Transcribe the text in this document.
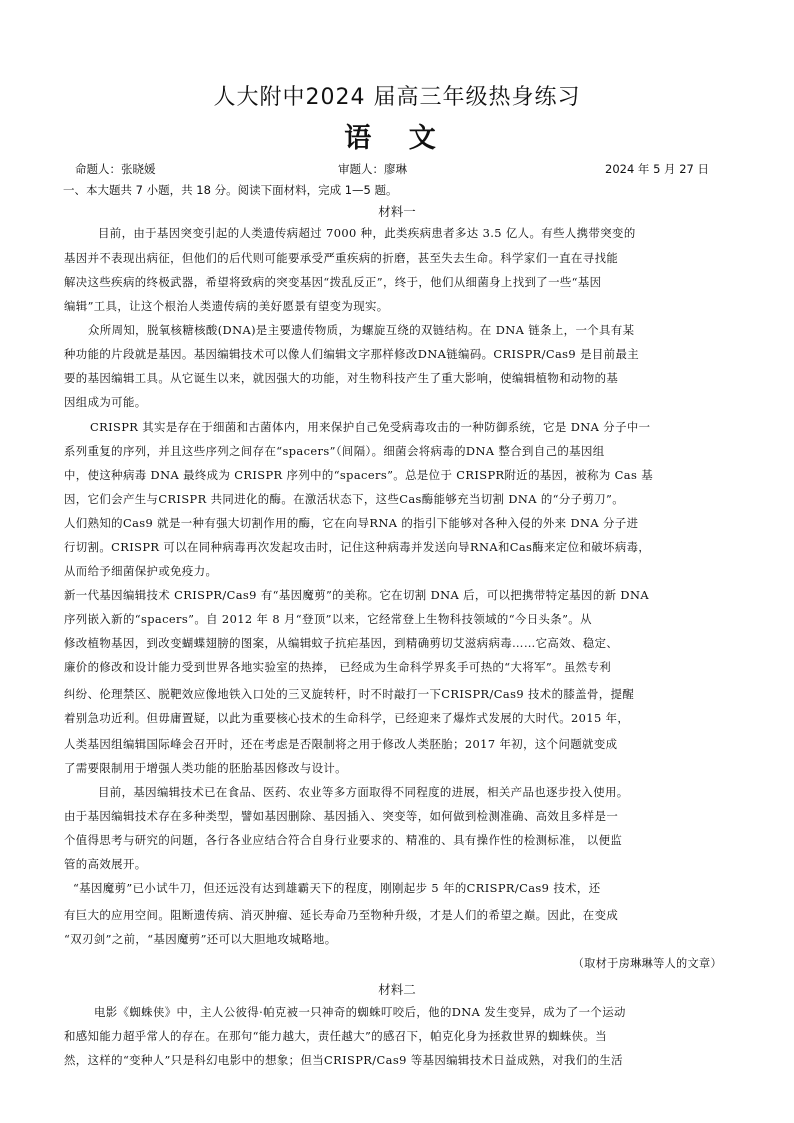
人大附中2024 届高三年级热身练习
语 文
命题人：张晓媛	审题人：廖琳	2024 年 5 月 27 日
一、本大题共 7 小题，共 18 分。阅读下面材料，完成 1—5 题。
材料一
目前，由于基因突变引起的人类遗传病超过 7000 种，此类疾病患者多达 3.5 亿人。有些人携带突变的
基因并不表现出病征，但他们的后代则可能要承受严重疾病的折磨，甚至失去生命。科学家们一直在寻找能
解决这些疾病的终极武器，希望将致病的突变基因“拨乱反正”，终于，他们从细菌身上找到了一些“基因
编辑”工具，让这个根治人类遗传病的美好愿景有望变为现实。
众所周知，脱氧核糖核酸(DNA)是主要遗传物质，为螺旋互绕的双链结构。在 DNA 链条上，一个具有某
种功能的片段就是基因。基因编辑技术可以像人们编辑文字那样修改DNA链编码。CRISPR/Cas9 是目前最主
要的基因编辑工具。从它诞生以来，就因强大的功能，对生物科技产生了重大影响，使编辑植物和动物的基
因组成为可能。
CRISPR 其实是存在于细菌和古菌体内，用来保护自己免受病毒攻击的一种防御系统，它是 DNA 分子中一
系列重复的序列，并且这些序列之间存在“spacers”（间隔）。细菌会将病毒的DNA 整合到自己的基因组
中，使这种病毒 DNA 最终成为 CRISPR 序列中的“spacers”。总是位于 CRISPR附近的基因，被称为 Cas 基
因，它们会产生与CRISPR 共同进化的酶。在激活状态下，这些Cas酶能够充当切割 DNA 的“分子剪刀”。
人们熟知的Cas9 就是一种有强大切割作用的酶，它在向导RNA 的指引下能够对各种入侵的外来 DNA 分子进
行切割。CRISPR 可以在同种病毒再次发起攻击时，记住这种病毒并发送向导RNA和Cas酶来定位和破坏病毒，
从而给予细菌保护或免疫力。
新一代基因编辑技术 CRISPR/Cas9 有“基因魔剪”的美称。它在切割 DNA 后，可以把携带特定基因的新 DNA
序列嵌入新的“spacers”。自 2012 年 8 月“登顶”以来，它经常登上生物科技领域的“今日头条”。从
修改植物基因，到改变蝴蝶翅膀的图案，从编辑蚊子抗疟基因，到精确剪切艾滋病病毒……它高效、稳定、
廉价的修改和设计能力受到世界各地实验室的热捧， 已经成为生命科学界炙手可热的“大将军”。虽然专利
纠纷、伦理禁区、脱靶效应像地铁入口处的三叉旋转杆，时不时敲打一下CRISPR/Cas9 技术的膝盖骨，提醒
着别急功近利。但毋庸置疑，以此为重要核心技术的生命科学，已经迎来了爆炸式发展的大时代。2015 年，
人类基因组编辑国际峰会召开时，还在考虑是否限制将之用于修改人类胚胎；2017 年初，这个问题就变成
了需要限制用于增强人类功能的胚胎基因修改与设计。
目前，基因编辑技术已在食品、医药、农业等多方面取得不同程度的进展，相关产品也逐步投入使用。
由于基因编辑技术存在多种类型，譬如基因删除、基因插入、突变等，如何做到检测准确、高效且多样是一
个值得思考与研究的问题，各行各业应结合符合自身行业要求的、精准的、具有操作性的检测标准， 以便监
管的高效展开。
“基因魔剪”已小试牛刀，但还远没有达到雄霸天下的程度，刚刚起步 5 年的CRISPR/Cas9 技术，还
有巨大的应用空间。阻断遗传病、消灭肿瘤、延长寿命乃至物种升级，才是人们的希望之巅。因此，在变成
“双刃剑”之前，“基因魔剪”还可以大胆地攻城略地。
（取材于房琳琳等人的文章）
材料二
电影《蜘蛛侠》中，主人公彼得·帕克被一只神奇的蜘蛛叮咬后，他的DNA 发生变异，成为了一个运动
和感知能力超乎常人的存在。在那句“能力越大，责任越大”的感召下，帕克化身为拯救世界的蜘蛛侠。当
然，这样的“变种人”只是科幻电影中的想象；但当CRISPR/Cas9 等基因编辑技术日益成熟，对我们的生活
